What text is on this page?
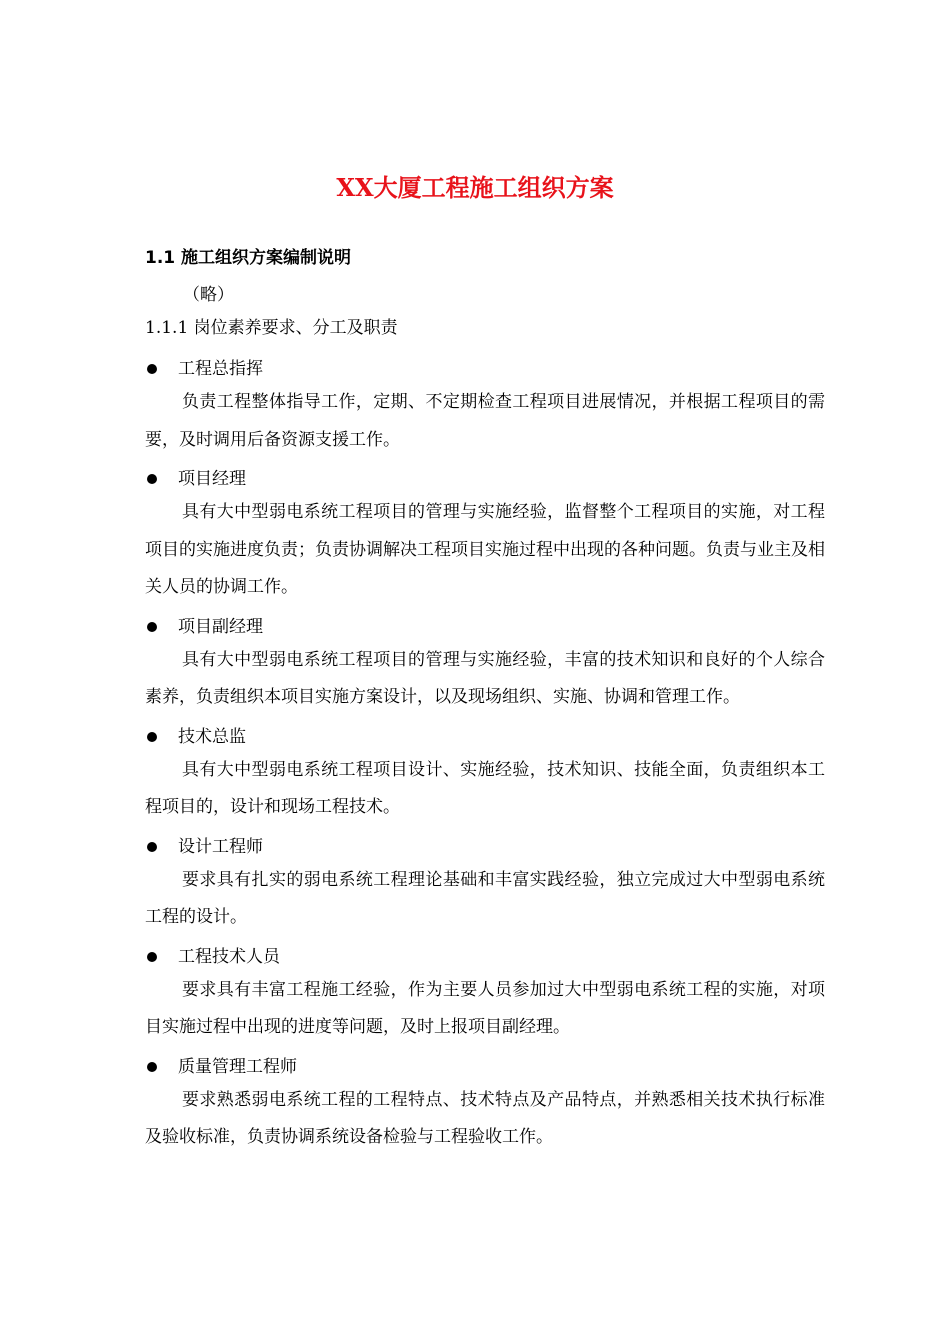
XX大厦工程施工组织方案
1.1 施工组织方案编制说明
（略）
1.1.1 岗位素养要求、分工及职责
工程总指挥

负责工程整体指导工作，定期、不定期检查工程项目进展情况，并根据工程项目的需要，及时调用后备资源支援工作。

项目经理

具有大中型弱电系统工程项目的管理与实施经验，监督整个工程项目的实施，对工程项目的实施进度负责；负责协调解决工程项目实施过程中出现的各种问题。负责与业主及相关人员的协调工作。

项目副经理

具有大中型弱电系统工程项目的管理与实施经验，丰富的技术知识和良好的个人综合素养，负责组织本项目实施方案设计，以及现场组织、实施、协调和管理工作。

技术总监

具有大中型弱电系统工程项目设计、实施经验，技术知识、技能全面，负责组织本工程项目的，设计和现场工程技术。

设计工程师

要求具有扎实的弱电系统工程理论基础和丰富实践经验，独立完成过大中型弱电系统工程的设计。

工程技术人员

要求具有丰富工程施工经验，作为主要人员参加过大中型弱电系统工程的实施，对项目实施过程中出现的进度等问题，及时上报项目副经理。

质量管理工程师

要求熟悉弱电系统工程的工程特点、技术特点及产品特点，并熟悉相关技术执行标准及验收标准，负责协调系统设备检验与工程验收工作。
